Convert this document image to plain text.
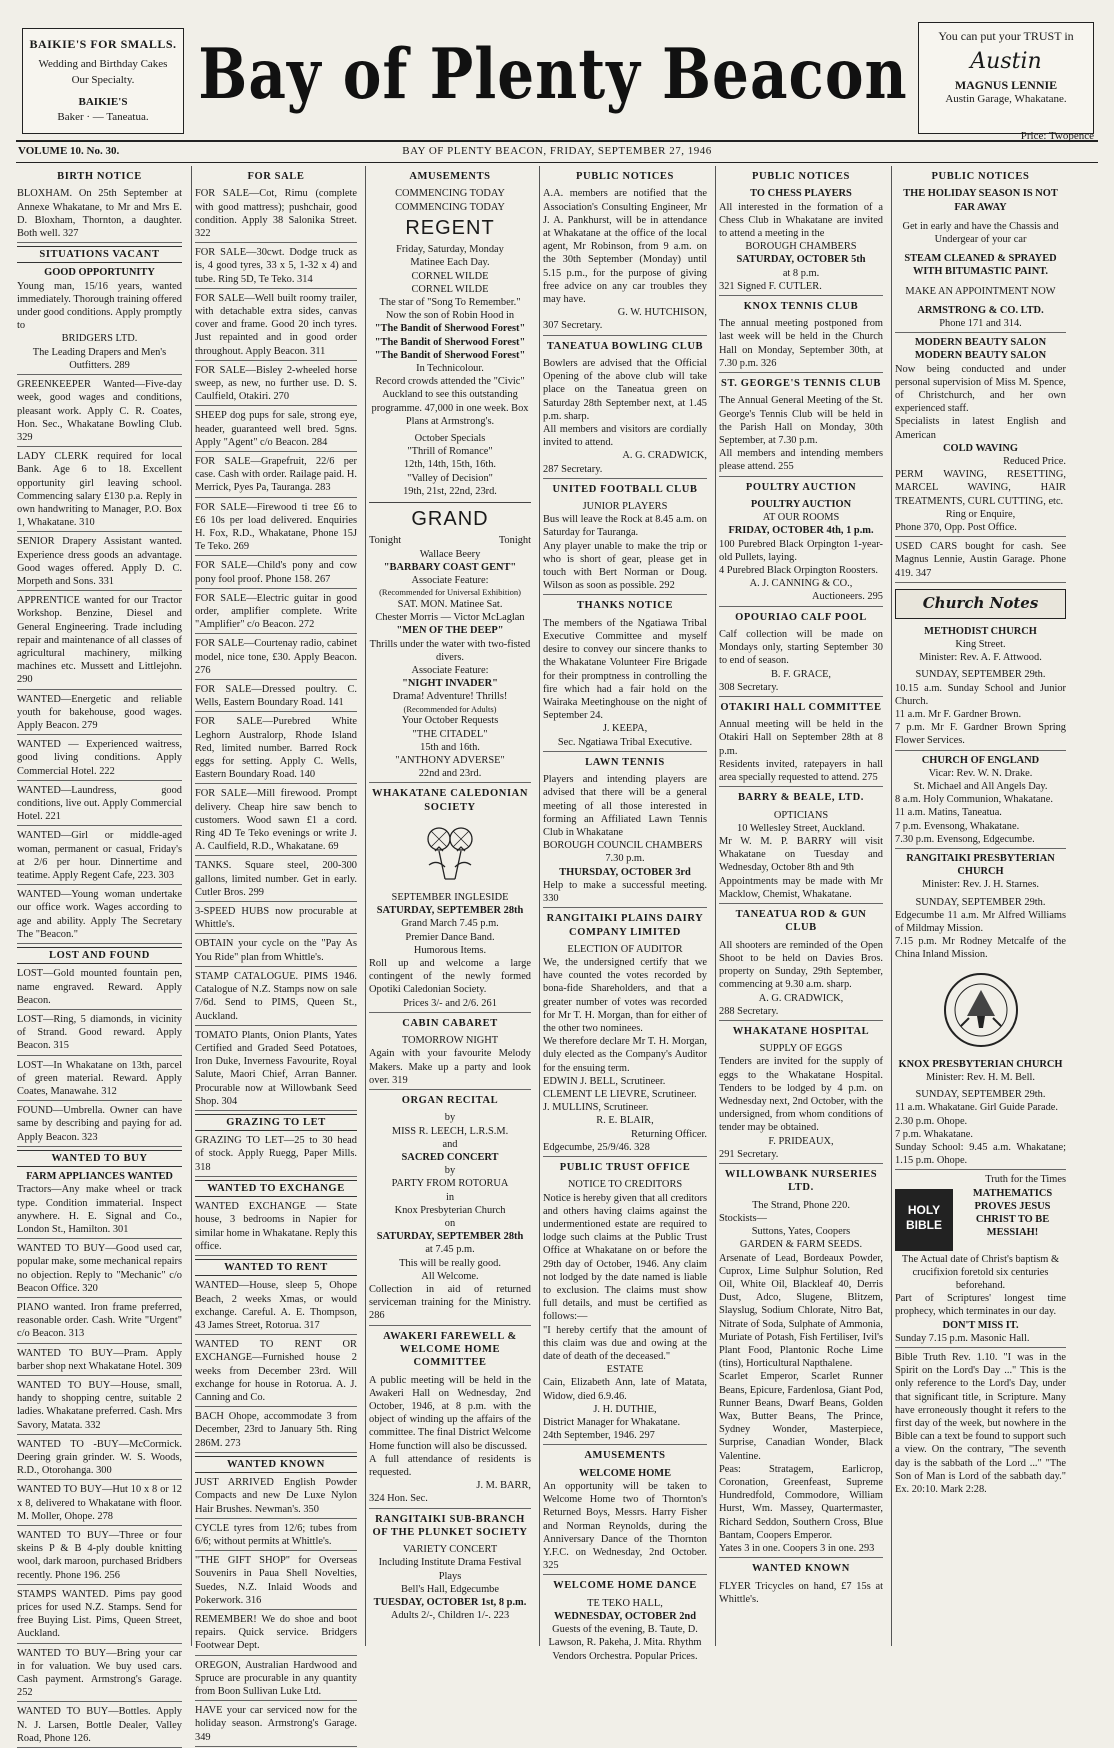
BAIKIE'S FOR SMALLS.

Wedding and Birthday Cakes

Our Specialty.

BAIKIE'S

Baker · — Taneatua.

Bay of Plenty Beacon	You can put your TRUST in
Austin
MAGNUS LENNIE
Austin Garage, Whakatane.
VOLUME 10. No. 30.	BAY OF PLENTY BEACON, FRIDAY, SEPTEMBER 27, 1946
Price: Twopence
BIRTH NOTICE
BLOXHAM. On 25th September at Annexe Whakatane, to Mr and Mrs E. D. Bloxham, Thornton, a daughter. Both well. 327
SITUATIONS VACANT
GOOD OPPORTUNITY
Young man, 15/16 years, wanted immediately. Thorough training offered under good conditions. Apply promptly to
BRIDGERS LTD.
The Leading Drapers and Men's Outfitters. 289
GREENKEEPER Wanted—Five-day week, good wages and conditions, pleasant work. Apply C. R. Coates, Hon. Sec., Whakatane Bowling Club. 329
LADY CLERK required for local Bank. Age 6 to 18. Excellent opportunity girl leaving school. Commencing salary £130 p.a. Reply in own handwriting to Manager, P.O. Box 1, Whakatane. 310
SENIOR Drapery Assistant wanted. Experience dress goods an advantage. Good wages offered. Apply D. C. Morpeth and Sons. 331
APPRENTICE wanted for our Tractor Workshop. Benzine, Diesel and General Engineering. Trade including repair and maintenance of all classes of agricultural machinery, milking machines etc. Mussett and Littlejohn. 290
WANTED—Energetic and reliable youth for bakehouse, good wages. Apply Beacon. 279
WANTED — Experienced waitress, good living conditions. Apply Commercial Hotel. 222
WANTED—Laundress, good conditions, live out. Apply Commercial Hotel. 221
WANTED—Girl or middle-aged woman, permanent or casual, Friday's at 2/6 per hour. Dinnertime and teatime. Apply Regent Cafe, 223. 303
WANTED—Young woman undertake our office work. Wages according to age and ability. Apply The Secretary The "Beacon."
LOST AND FOUND
LOST—Gold mounted fountain pen, name engraved. Reward. Apply Beacon.
LOST—Ring, 5 diamonds, in vicinity of Strand. Good reward. Apply Beacon. 315
LOST—In Whakatane on 13th, parcel of green material. Reward. Apply Coates, Manawahe. 312
FOUND—Umbrella. Owner can have same by describing and paying for ad. Apply Beacon. 323
WANTED TO BUY
FARM APPLIANCES WANTED
Tractors—Any make wheel or track type. Condition immaterial. Inspect anywhere. H. E. Signal and Co., London St., Hamilton. 301
WANTED TO BUY—Good used car, popular make, some mechanical repairs no objection. Reply to "Mechanic" c/o Beacon Office. 320
PIANO wanted. Iron frame preferred, reasonable order. Cash. Write "Urgent" c/o Beacon. 313
WANTED TO BUY—Pram. Apply barber shop next Whakatane Hotel. 309
WANTED TO BUY—House, small, handy to shopping centre, suitable 2 ladies. Whakatane preferred. Cash. Mrs Savory, Matata. 332
WANTED TO -BUY—McCormick. Deering grain grinder. W. S. Woods, R.D., Otorohanga. 300
WANTED TO BUY—Hut 10 x 8 or 12 x 8, delivered to Whakatane with floor. M. Moller, Ohope. 278
WANTED TO BUY—Three or four skeins P & B 4-ply double knitting wool, dark maroon, purchased Bridbers recently. Phone 196. 256
STAMPS WANTED. Pims pay good prices for used N.Z. Stamps. Send for free Buying List. Pims, Queen Street, Auckland.
WANTED TO BUY—Bring your car in for valuation. We buy used cars. Cash payment. Armstrong's Garage. 252
WANTED TO BUY—Bottles. Apply N. J. Larsen, Bottle Dealer, Valley Road, Phone 126.
FOR SALE
FOR SALE—Cot, Rimu (complete with good mattress); pushchair, good condition. Apply 38 Salonika Street. 322
FOR SALE—30cwt. Dodge truck as is, 4 good tyres, 33 x 5, 1-32 x 4) and tube. Ring 5D, Te Teko. 314
FOR SALE—Well built roomy trailer, with detachable extra sides, canvas cover and frame. Good 20 inch tyres. Just repainted and in good order throughout. Apply Beacon. 311
FOR SALE—Bisley 2-wheeled horse sweep, as new, no further use. D. S. Caulfield, Otakiri. 270
SHEEP dog pups for sale, strong eye, header, guaranteed well bred. 5gns. Apply "Agent" c/o Beacon. 284
FOR SALE—Grapefruit, 22/6 per case. Cash with order. Railage paid. H. Merrick, Pyes Pa, Tauranga. 283
FOR SALE—Firewood ti tree £6 to £6 10s per load delivered. Enquiries H. Fox, R.D., Whakatane, Phone 15J Te Teko. 269
FOR SALE—Child's pony and cow pony fool proof. Phone 158. 267
FOR SALE—Electric guitar in good order, amplifier complete. Write "Amplifier" c/o Beacon. 272
FOR SALE—Courtenay radio, cabinet model, nice tone, £30. Apply Beacon. 276
FOR SALE—Dressed poultry. C. Wells, Eastern Boundary Road. 141
FOR SALE—Purebred White Leghorn Australorp, Rhode Island Red, limited number. Barred Rock eggs for setting. Apply C. Wells, Eastern Boundary Road. 140
FOR SALE—Mill firewood. Prompt delivery. Cheap hire saw bench to customers. Wood sawn £1 a cord. Ring 4D Te Teko evenings or write J. A. Caulfield, R.D., Whakatane. 69
TANKS. Square steel, 200-300 gallons, limited number. Get in early. Cutler Bros. 299
3-SPEED HUBS now procurable at Whittle's.
OBTAIN your cycle on the "Pay As You Ride" plan from Whittle's.
STAMP CATALOGUE. PIMS 1946. Catalogue of N.Z. Stamps now on sale 7/6d. Send to PIMS, Queen St., Auckland.
TOMATO Plants, Onion Plants, Yates Certified and Graded Seed Potatoes, Iron Duke, Inverness Favourite, Royal Salute, Maori Chief, Arran Banner. Procurable now at Willowbank Seed Shop. 304
GRAZING TO LET
GRAZING TO LET—25 to 30 head of stock. Apply Ruegg, Paper Mills. 318
WANTED TO EXCHANGE
WANTED EXCHANGE — State house, 3 bedrooms in Napier for similar home in Whakatane. Reply this office.
WANTED TO RENT
WANTED—House, sleep 5, Ohope Beach, 2 weeks Xmas, or would exchange. Careful. A. E. Thompson, 43 James Street, Rotorua. 317
WANTED TO RENT OR EXCHANGE—Furnished house 2 weeks from December 23rd. Will exchange for house in Rotorua. A. J. Canning and Co.
BACH Ohope, accommodate 3 from December, 23rd to January 5th. Ring 286M. 273
WANTED KNOWN
JUST ARRIVED English Powder Compacts and new De Luxe Nylon Hair Brushes. Newman's. 350
CYCLE tyres from 12/6; tubes from 6/6; without permits at Whittle's.
"THE GIFT SHOP" for Overseas Souvenirs in Paua Shell Novelties, Suedes, N.Z. Inlaid Woods and Pokerwork. 316
REMEMBER! We do shoe and boot repairs. Quick service. Bridgers Footwear Dept.
OREGON, Australian Hardwood and Spruce are procurable in any quantity from Boon Sullivan Luke Ltd.
HAVE your car serviced now for the holiday season. Armstrong's Garage. 349
AMUSEMENTS
COMMENCING TODAY
COMMENCING TODAY
REGENT
Friday, Saturday, Monday
Matinee Each Day.
CORNEL WILDE
CORNEL WILDE
The star of "Song To Remember." Now the son of Robin Hood in
"The Bandit of Sherwood Forest"
"The Bandit of Sherwood Forest"
"The Bandit of Sherwood Forest"
In Technicolour.
Record crowds attended the "Civic" Auckland to see this outstanding programme. 47,000 in one week. Box Plans at Armstrong's.
October Specials
"Thrill of Romance"
12th, 14th, 15th, 16th.
"Valley of Decision"
19th, 21st, 22nd, 23rd.
GRAND
Tonight	Tonight
Wallace Beery
"BARBARY COAST GENT"
Associate Feature:
(Recommended for Universal Exhibition)
SAT. MON. Matinee Sat.
Chester Morris — Victor McLaglan
"MEN OF THE DEEP"
Thrills under the water with two-fisted divers.
Associate Feature:
"NIGHT INVADER"
Drama! Adventure! Thrills!
(Recommended for Adults)
Your October Requests
"THE CITADEL"
15th and 16th.
"ANTHONY ADVERSE"
22nd and 23rd.
WHAKATANE CALEDONIAN SOCIETY
SEPTEMBER INGLESIDE
SATURDAY, SEPTEMBER 28th
Grand March 7.45 p.m.
Premier Dance Band.
Humorous Items.
Roll up and welcome a large contingent of the newly formed Opotiki Caledonian Society.
Prices 3/- and 2/6. 261
CABIN CABARET
TOMORROW NIGHT
Again with your favourite Melody Makers. Make up a party and look over. 319
ORGAN RECITAL
by
MISS R. LEECH, L.R.S.M.
and
SACRED CONCERT
by
PARTY FROM ROTORUA
in
Knox Presbyterian Church
on
SATURDAY, SEPTEMBER 28th
at 7.45 p.m.
This will be really good.
All Welcome.
Collection in aid of returned serviceman training for the Ministry. 286
AWAKERI FAREWELL & WELCOME HOME COMMITTEE
A public meeting will be held in the Awakeri Hall on Wednesday, 2nd October, 1946, at 8 p.m. with the object of winding up the affairs of the committee. The final District Welcome Home function will also be discussed.
A full attendance of residents is requested.
J. M. BARR,
324 Hon. Sec.
RANGITAIKI SUB-BRANCH OF THE PLUNKET SOCIETY
VARIETY CONCERT
Including Institute Drama Festival Plays
Bell's Hall, Edgecumbe
TUESDAY, OCTOBER 1st, 8 p.m.
Adults 2/-, Children 1/-. 223
PUBLIC NOTICES
A.A. members are notified that the Association's Consulting Engineer, Mr J. A. Pankhurst, will be in attendance at Whakatane at the office of the local agent, Mr Robinson, from 9 a.m. on the 30th September (Monday) until 5.15 p.m., for the purpose of giving free advice on any car troubles they may have.
G. W. HUTCHISON,
307 Secretary.
TANEATUA BOWLING CLUB
Bowlers are advised that the Official Opening of the above club will take place on the Taneatua green on Saturday 28th September next, at 1.45 p.m. sharp.
All members and visitors are cordially invited to attend.
A. G. CRADWICK,
287 Secretary.
UNITED FOOTBALL CLUB
JUNIOR PLAYERS
Bus will leave the Rock at 8.45 a.m. on Saturday for Tauranga.
Any player unable to make the trip or who is short of gear, please get in touch with Bert Norman or Doug. Wilson as soon as possible. 292
THANKS NOTICE
The members of the Ngatiawa Tribal Executive Committee and myself desire to convey our sincere thanks to the Whakatane Volunteer Fire Brigade for their promptness in controlling the fire which had a fair hold on the Wairaka Meetinghouse on the night of September 24.
J. KEEPA,
Sec. Ngatiawa Tribal Executive.
LAWN TENNIS
Players and intending players are advised that there will be a general meeting of all those interested in forming an Affiliated Lawn Tennis Club in Whakatane
BOROUGH COUNCIL CHAMBERS
7.30 p.m.
THURSDAY, OCTOBER 3rd
Help to make a successful meeting. 330
RANGITAIKI PLAINS DAIRY COMPANY LIMITED
ELECTION OF AUDITOR
We, the undersigned certify that we have counted the votes recorded by bona-fide Shareholders, and that a greater number of votes was recorded for Mr T. H. Morgan, than for either of the other two nominees.
We therefore declare Mr T. H. Morgan, duly elected as the Company's Auditor for the ensuing term.
EDWIN J. BELL, Scrutineer.
CLEMENT LE LIEVRE, Scrutineer.
J. MULLINS, Scrutineer.
R. E. BLAIR,
Returning Officer.
Edgecumbe, 25/9/46. 328
PUBLIC TRUST OFFICE
NOTICE TO CREDITORS
Notice is hereby given that all creditors and others having claims against the undermentioned estate are required to lodge such claims at the Public Trust Office at Whakatane on or before the 29th day of October, 1946. Any claim not lodged by the date named is liable to exclusion. The claims must show full details, and must be certified as follows:—
"I hereby certify that the amount of this claim was due and owing at the date of death of the deceased."
ESTATE
Cain, Elizabeth Ann, late of Matata, Widow, died 6.9.46.
J. H. DUTHIE,
District Manager for Whakatane.
24th September, 1946. 297
AMUSEMENTS
WELCOME HOME
An opportunity will be taken to Welcome Home two of Thornton's Returned Boys, Messrs. Harry Fisher and Norman Reynolds, during the Anniversary Dance of the Thornton Y.F.C. on Wednesday, 2nd October. 325
WELCOME HOME DANCE
TE TEKO HALL,
WEDNESDAY, OCTOBER 2nd
Guests of the evening, B. Taute, D. Lawson, R. Pakeha, J. Mita. Rhythm Vendors Orchestra. Popular Prices.
PUBLIC NOTICES
TO CHESS PLAYERS
All interested in the formation of a Chess Club in Whakatane are invited to attend a meeting in the
BOROUGH CHAMBERS
SATURDAY, OCTOBER 5th
at 8 p.m.
321 Signed F. CUTLER.
KNOX TENNIS CLUB
The annual meeting postponed from last week will be held in the Church Hall on Monday, September 30th, at 7.30 p.m. 326
ST. GEORGE'S TENNIS CLUB
The Annual General Meeting of the St. George's Tennis Club will be held in the Parish Hall on Monday, 30th September, at 7.30 p.m.
All members and intending members please attend. 255
POULTRY AUCTION
POULTRY AUCTION
AT OUR ROOMS
FRIDAY, OCTOBER 4th, 1 p.m.
100 Purebred Black Orpington 1-year-old Pullets, laying.
4 Purebred Black Orpington Roosters.
A. J. CANNING & CO.,
Auctioneers. 295
OPOURIAO CALF POOL
Calf collection will be made on Mondays only, starting September 30 to end of season.
B. F. GRACE,
308 Secretary.
OTAKIRI HALL COMMITTEE
Annual meeting will be held in the Otakiri Hall on September 28th at 8 p.m.
Residents invited, ratepayers in hall area specially requested to attend. 275
BARRY & BEALE, LTD.
OPTICIANS
10 Wellesley Street, Auckland.
Mr W. M. P. BARRY will visit Whakatane on Tuesday and Wednesday, October 8th and 9th
Appointments may be made with Mr Macklow, Chemist, Whakatane.
TANEATUA ROD & GUN CLUB
All shooters are reminded of the Open Shoot to be held on Davies Bros. property on Sunday, 29th September, commencing at 9.30 a.m. sharp.
A. G. CRADWICK,
288 Secretary.
WHAKATANE HOSPITAL
SUPPLY OF EGGS
Tenders are invited for the supply of eggs to the Whakatane Hospital. Tenders to be lodged by 4 p.m. on Wednesday next, 2nd October, with the undersigned, from whom conditions of tender may be obtained.
F. PRIDEAUX,
291 Secretary.
WILLOWBANK NURSERIES LTD.
The Strand, Phone 220.
Stockists—
Suttons, Yates, Coopers
GARDEN & FARM SEEDS.
Arsenate of Lead, Bordeaux Powder, Cuprox, Lime Sulphur Solution, Red Oil, White Oil, Blackleaf 40, Derris Dust, Adco, Slugene, Blitzem, Slayslug, Sodium Chlorate, Nitro Bat, Nitrate of Soda, Sulphate of Ammonia, Muriate of Potash, Fish Fertiliser, Ivil's Plant Food, Plantonic Roche Lime (tins), Horticultural Napthalene.
Scarlet Emperor, Scarlet Runner Beans, Epicure, Fardenlosa, Giant Pod, Runner Beans, Dwarf Beans, Golden Wax, Butter Beans, The Prince, Sydney Wonder, Masterpiece, Surprise, Canadian Wonder, Black Valentine.
Peas: Stratagem, Earlicrop, Coronation, Greenfeast, Supreme Hundredfold, Commodore, William Hurst, Wm. Massey, Quartermaster, Richard Seddon, Southern Cross, Blue Bantam, Coopers Emperor.
Yates 3 in one. Coopers 3 in one. 293
WANTED KNOWN
FLYER Tricycles on hand, £7 15s at Whittle's.
PUBLIC NOTICES
THE HOLIDAY SEASON IS NOT FAR AWAY
Get in early and have the Chassis and Undergear of your car
STEAM CLEANED & SPRAYED WITH BITUMASTIC PAINT.
MAKE AN APPOINTMENT NOW
ARMSTRONG & CO. LTD.
Phone 171 and 314.
MODERN BEAUTY SALON
MODERN BEAUTY SALON
Now being conducted and under personal supervision of Miss M. Spence, of Christchurch, and her own experienced staff.
Specialists in latest English and American
COLD WAVING
Reduced Price.
PERM WAVING, RESETTING, MARCEL WAVING, HAIR TREATMENTS, CURL CUTTING, etc.
Ring or Enquire,
Phone 370, Opp. Post Office.
USED CARS bought for cash. See Magnus Lennie, Austin Garage. Phone 419. 347
Church Notes
METHODIST CHURCH
King Street.
Minister: Rev. A. F. Attwood.
SUNDAY, SEPTEMBER 29th.
10.15 a.m. Sunday School and Junior Church.
11 a.m. Mr F. Gardner Brown.
7 p.m. Mr F. Gardner Brown Spring Flower Services.
CHURCH OF ENGLAND
Vicar: Rev. W. N. Drake.
St. Michael and All Angels Day.
8 a.m. Holy Communion, Whakatane.
11 a.m. Matins, Taneatua.
7 p.m. Evensong, Whakatane.
7.30 p.m. Evensong, Edgecumbe.
RANGITAIKI PRESBYTERIAN CHURCH
Minister: Rev. J. H. Starnes.
SUNDAY, SEPTEMBER 29th.
Edgecumbe 11 a.m. Mr Alfred Williams of Mildmay Mission.
7.15 p.m. Mr Rodney Metcalfe of the China Inland Mission.
KNOX PRESBYTERIAN CHURCH
Minister: Rev. H. M. Bell.
SUNDAY, SEPTEMBER 29th.
11 a.m. Whakatane. Girl Guide Parade.
2.30 p.m. Ohope.
7 p.m. Whakatane.
Sunday School: 9.45 a.m. Whakatane; 1.15 p.m. Ohope.
Truth for the Times
HOLY BIBLE
MATHEMATICS PROVES JESUS CHRIST TO BE MESSIAH!
The Actual date of Christ's baptism & crucifixion foretold six centuries beforehand.
Part of Scriptures' longest time prophecy, which terminates in our day.
DON'T MISS IT.
Sunday 7.15 p.m. Masonic Hall.
Bible Truth Rev. 1.10. "I was in the Spirit on the Lord's Day ..." This is the only reference to the Lord's Day, under that significant title, in Scripture. Many have erroneously thought it refers to the first day of the week, but nowhere in the Bible can a text be found to support such a view. On the contrary, "The seventh day is the sabbath of the Lord ..." "The Son of Man is Lord of the sabbath day." Ex. 20:10. Mark 2:28.
